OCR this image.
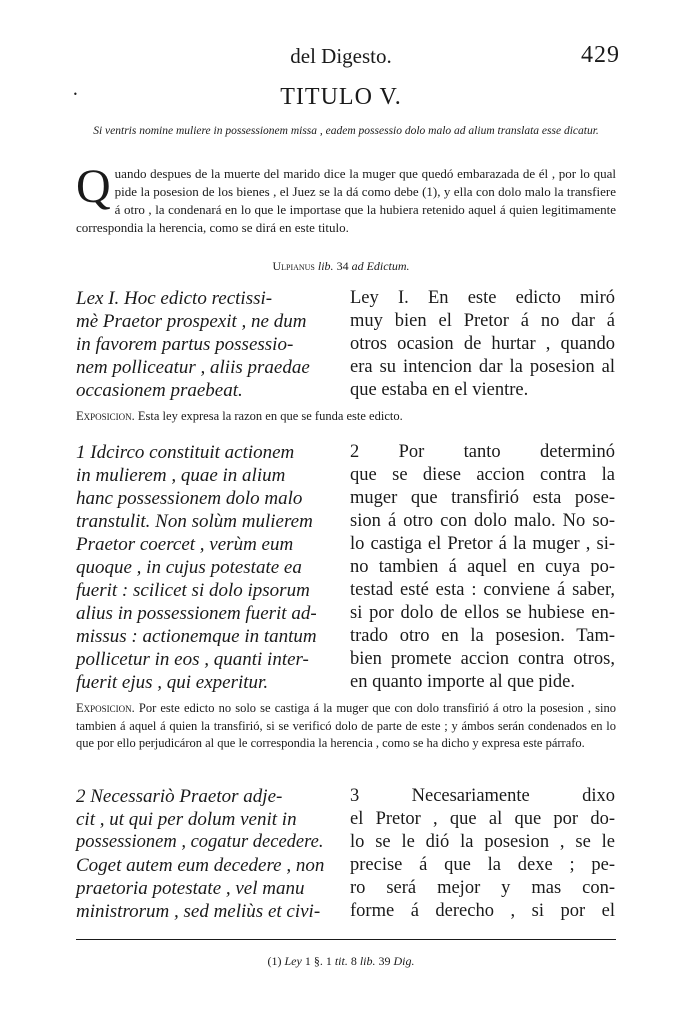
del Digesto.	429
•	TITULO V.
Si ventris nomine muliere in possessionem missa , eadem possessio dolo malo ad alium translata esse dicatur.
Quando despues de la muerte del marido dice la muger que quedó embarazada de él , por lo qual pide la posesion de los bienes , el Juez se la dá como debe (1), y ella con dolo malo la transfiere á otro , la condenará en lo que le importase que la hubiera retenido aquel á quien legitimamente correspondia la herencia, como se dirá en este titulo.
Ulpianus lib. 34 ad Edictum.
Lex I. Hoc edicto rectissi-
mè Praetor prospexit , ne dum
in favorem partus possessio-
nem polliceatur , aliis praedae
occasionem praebeat.
Ley I. En este edicto miró
muy bien el Pretor á no dar á
otros ocasion de hurtar , quando
era su intencion dar la posesion al
que estaba en el vientre.
Exposicion. Esta ley expresa la razon en que se funda este edicto.
1 Idcirco constituit actionem
in mulierem , quae in alium
hanc possessionem dolo malo
transtulit. Non solùm mulierem
Praetor coercet , verùm eum
quoque , in cujus potestate ea
fuerit : scilicet si dolo ipsorum
alius in possessionem fuerit ad-
missus : actionemque in tantum
pollicetur in eos , quanti inter-
fuerit ejus , qui experitur.
2 Por tanto determinó
que se diese accion contra la
muger que transfirió esta pose-
sion á otro con dolo malo. No so-
lo castiga el Pretor á la muger , si-
no tambien á aquel en cuya po-
testad esté esta : conviene á saber,
si por dolo de ellos se hubiese en-
trado otro en la posesion. Tam-
bien promete accion contra otros,
en quanto importe al que pide.
Exposicion. Por este edicto no solo se castiga á la muger que con dolo transfirió á otro la posesion , sino tambien á aquel á quien la transfirió, si se verificó dolo de parte de este ; y ámbos serán condenados en lo que por ello perjudicáron al que le correspondia la herencia , como se ha dicho y expresa este párrafo.
2 Necessariò Praetor adje-
cit , ut qui per dolum venit in
possessionem , cogatur decedere.
Coget autem eum decedere , non
praetoria potestate , vel manu
ministrorum , sed meliùs et civi-
3 Necesariamente dixo
el Pretor , que al que por do-
lo se le dió la posesion , se le
precise á que la dexe ; pe-
ro será mejor y mas con-
forme á derecho , si por el
(1) Ley 1 §. 1 tit. 8 lib. 39 Dig.
